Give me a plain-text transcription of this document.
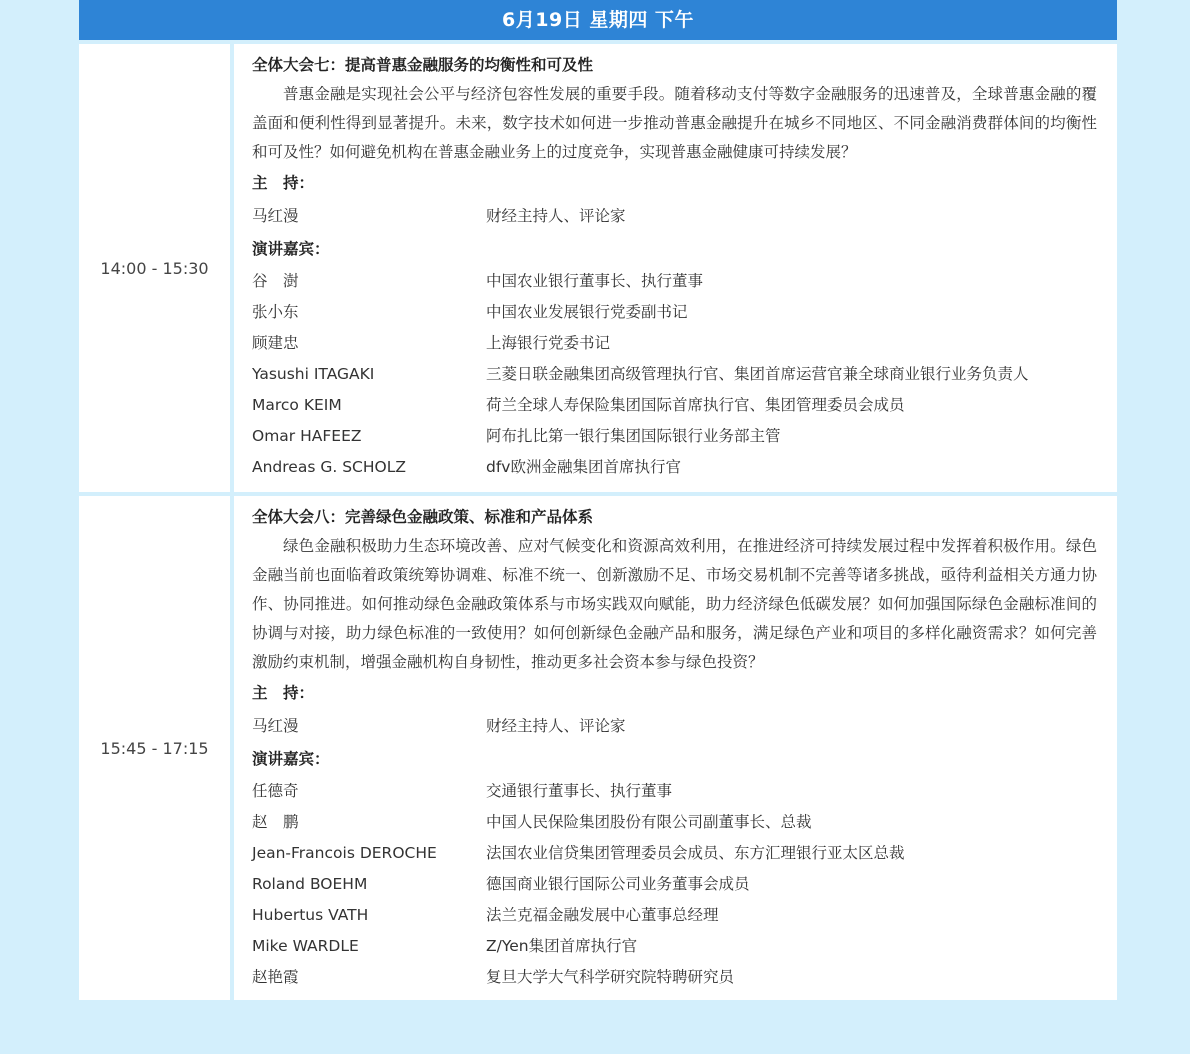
6月19日 星期四 下午
14:00 - 15:30
全体大会七：提高普惠金融服务的均衡性和可及性

普惠金融是实现社会公平与经济包容性发展的重要手段。随着移动支付等数字金融服务的迅速普及，全球普惠金融的覆盖面和便利性得到显著提升。未来，数字技术如何进一步推动普惠金融提升在城乡不同地区、不同金融消费群体间的均衡性和可及性？如何避免机构在普惠金融业务上的过度竞争，实现普惠金融健康可持续发展？

主　持：
马红漫	财经主持人、评论家
演讲嘉宾：
谷　澍	中国农业银行董事长、执行董事
张小东	中国农业发展银行党委副书记
顾建忠	上海银行党委书记
Yasushi ITAGAKI	三菱日联金融集团高级管理执行官、集团首席运营官兼全球商业银行业务负责人
Marco KEIM	荷兰全球人寿保险集团国际首席执行官、集团管理委员会成员
Omar HAFEEZ	阿布扎比第一银行集团国际银行业务部主管
Andreas G. SCHOLZ	dfv欧洲金融集团首席执行官
15:45 - 17:15
全体大会八：完善绿色金融政策、标准和产品体系

绿色金融积极助力生态环境改善、应对气候变化和资源高效利用，在推进经济可持续发展过程中发挥着积极作用。绿色金融当前也面临着政策统筹协调难、标准不统一、创新激励不足、市场交易机制不完善等诸多挑战，亟待利益相关方通力协作、协同推进。如何推动绿色金融政策体系与市场实践双向赋能，助力经济绿色低碳发展？如何加强国际绿色金融标准间的协调与对接，助力绿色标准的一致使用？如何创新绿色金融产品和服务，满足绿色产业和项目的多样化融资需求？如何完善激励约束机制，增强金融机构自身韧性，推动更多社会资本参与绿色投资？

主　持：
马红漫	财经主持人、评论家
演讲嘉宾：
任德奇	交通银行董事长、执行董事
赵　鹏	中国人民保险集团股份有限公司副董事长、总裁
Jean-Francois DEROCHE	法国农业信贷集团管理委员会成员、东方汇理银行亚太区总裁
Roland BOEHM	德国商业银行国际公司业务董事会成员
Hubertus VATH	法兰克福金融发展中心董事总经理
Mike WARDLE	Z/Yen集团首席执行官
赵艳霞	复旦大学大气科学研究院特聘研究员
